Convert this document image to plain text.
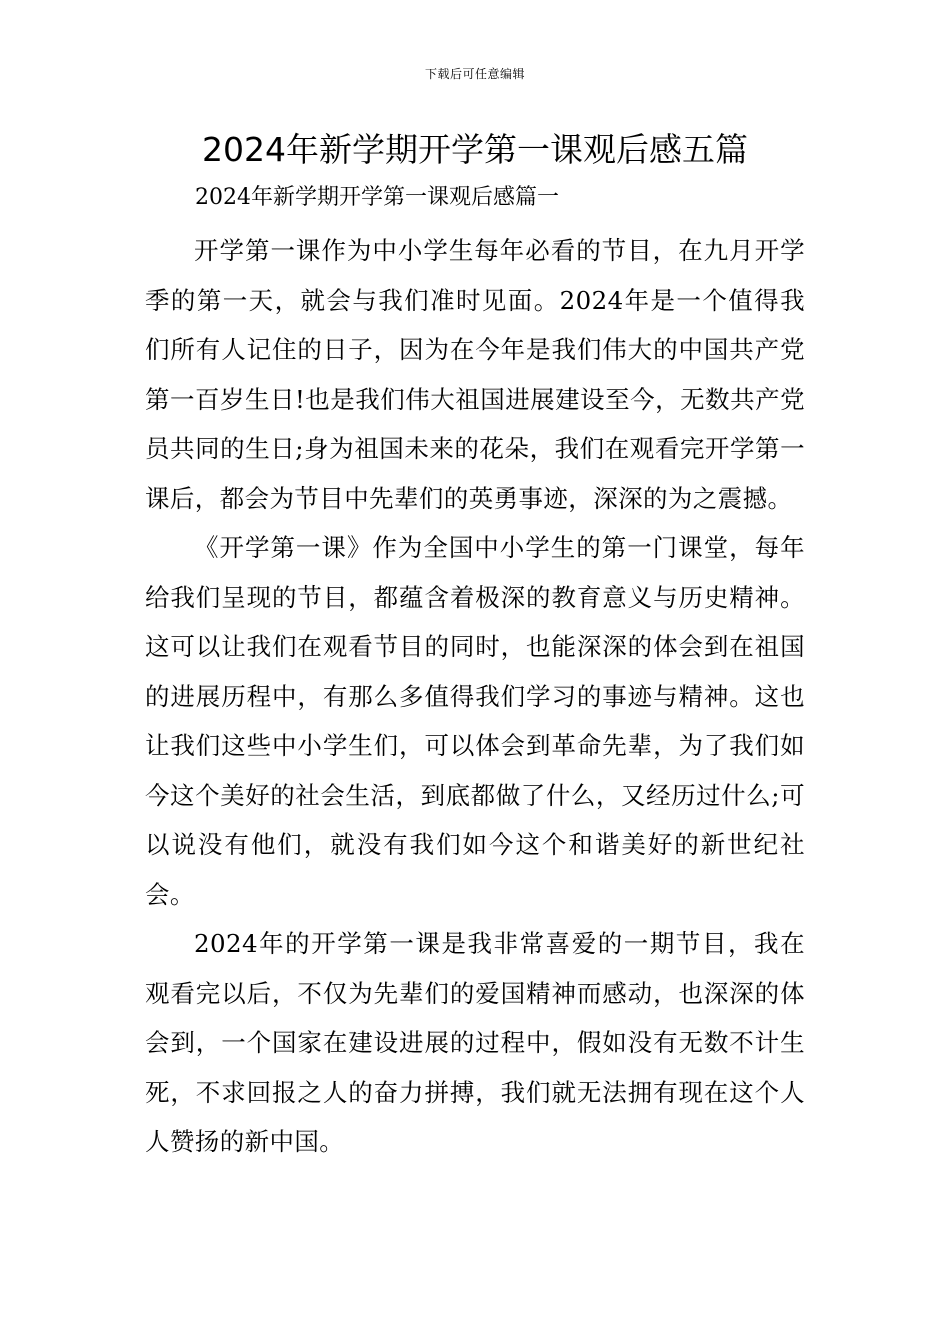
下载后可任意编辑
2024年新学期开学第一课观后感五篇

2024年新学期开学第一课观后感篇一

开学第一课作为中小学生每年必看的节目，在九月开学季的第一天，就会与我们准时见面。2024年是一个值得我们所有人记住的日子，因为在今年是我们伟大的中国共产党第一百岁生日!也是我们伟大祖国进展建设至今，无数共产党员共同的生日;身为祖国未来的花朵，我们在观看完开学第一课后，都会为节目中先辈们的英勇事迹，深深的为之震撼。

《开学第一课》作为全国中小学生的第一门课堂，每年给我们呈现的节目，都蕴含着极深的教育意义与历史精神。这可以让我们在观看节目的同时，也能深深的体会到在祖国的进展历程中，有那么多值得我们学习的事迹与精神。这也让我们这些中小学生们，可以体会到革命先辈，为了我们如今这个美好的社会生活，到底都做了什么，又经历过什么;可以说没有他们，就没有我们如今这个和谐美好的新世纪社会。

2024年的开学第一课是我非常喜爱的一期节目，我在观看完以后，不仅为先辈们的爱国精神而感动，也深深的体会到，一个国家在建设进展的过程中，假如没有无数不计生死，不求回报之人的奋力拼搏，我们就无法拥有现在这个人人赞扬的新中国。
